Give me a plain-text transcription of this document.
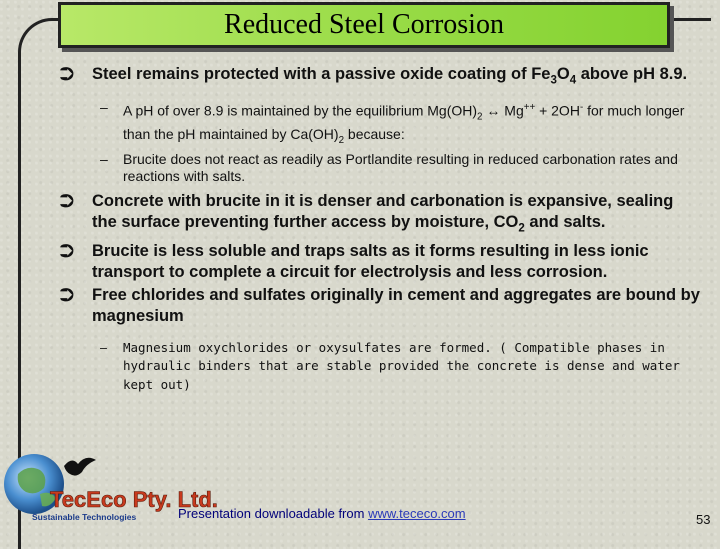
Reduced Steel Corrosion
⮊ Steel remains protected with a passive oxide coating of $Fe_3O_4$ above pH 8.9.
– A pH of over 8.9 is maintained by the equilibrium $Mg(OH)_2$ ↔ Mg++ + 2OH- for much longer than the pH maintained by $Ca(OH)_2$ because:
– Brucite does not react as readily as Portlandite resulting in reduced carbonation rates and reactions with salts.
⮊ Concrete with brucite in it is denser and carbonation is expansive, sealing the surface preventing further access by moisture, $CO_2$ and salts.
⮊ Brucite is less soluble and traps salts as it forms resulting in less ionic transport to complete a circuit for electrolysis and less corrosion.
⮊ Free chlorides and sulfates originally in cement and aggregates are bound by magnesium
– Magnesium oxychlorides or oxysulfates are formed. ( Compatible phases in hydraulic binders that are stable provided the concrete is dense and water kept out)
TecEco Pty. Ltd.
Sustainable Technologies	Presentation downloadable from www.tececo.com	53
